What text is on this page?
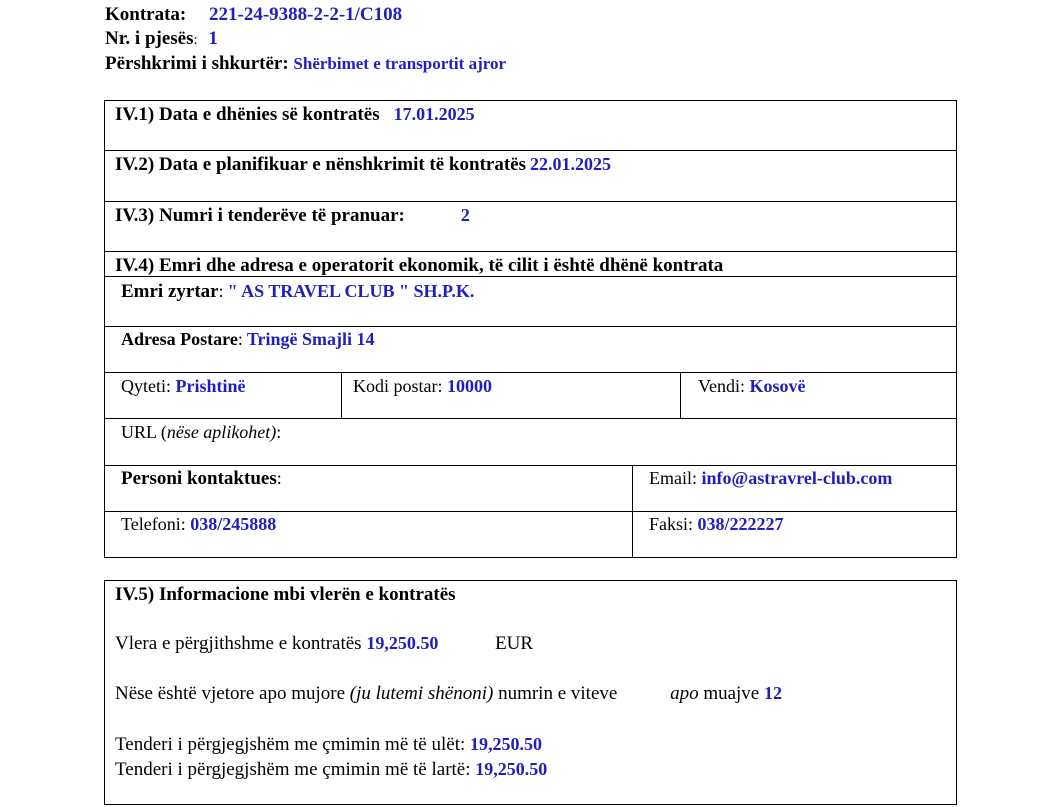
Kontrata: 221-24-9388-2-2-1/C108
Nr. i pjesës: 1
Përshkrimi i shkurtër: Shërbimet e transportit ajror
IV.1) Data e dhënies së kontratës 17.01.2025
IV.2) Data e planifikuar e nënshkrimit të kontratës 22.01.2025
IV.3) Numri i tenderëve të pranuar:	2
IV.4) Emri dhe adresa e operatorit ekonomik, të cilit i është dhënë kontrata
Emri zyrtar: " AS TRAVEL CLUB " SH.P.K.
Adresa Postare: Tringë Smajli 14
Qyteti: Prishtinë	Kodi postar: 10000	Vendi: Kosovë
URL (nëse aplikohet):
Personi kontaktues:	Email: info@astravrel-club.com
Telefoni: 038/245888	Faksi: 038/222227
IV.5) Informacione mbi vlerën e kontratës
Vlera e përgjithshme e kontratës 19,250.50	EUR
Nëse është vjetore apo mujore (ju lutemi shënoni) numrin e viteve	apo muajve 12
Tenderi i përgjegjshëm me çmimin më të ulët: 19,250.50
Tenderi i përgjegjshëm me çmimin më të lartë: 19,250.50
